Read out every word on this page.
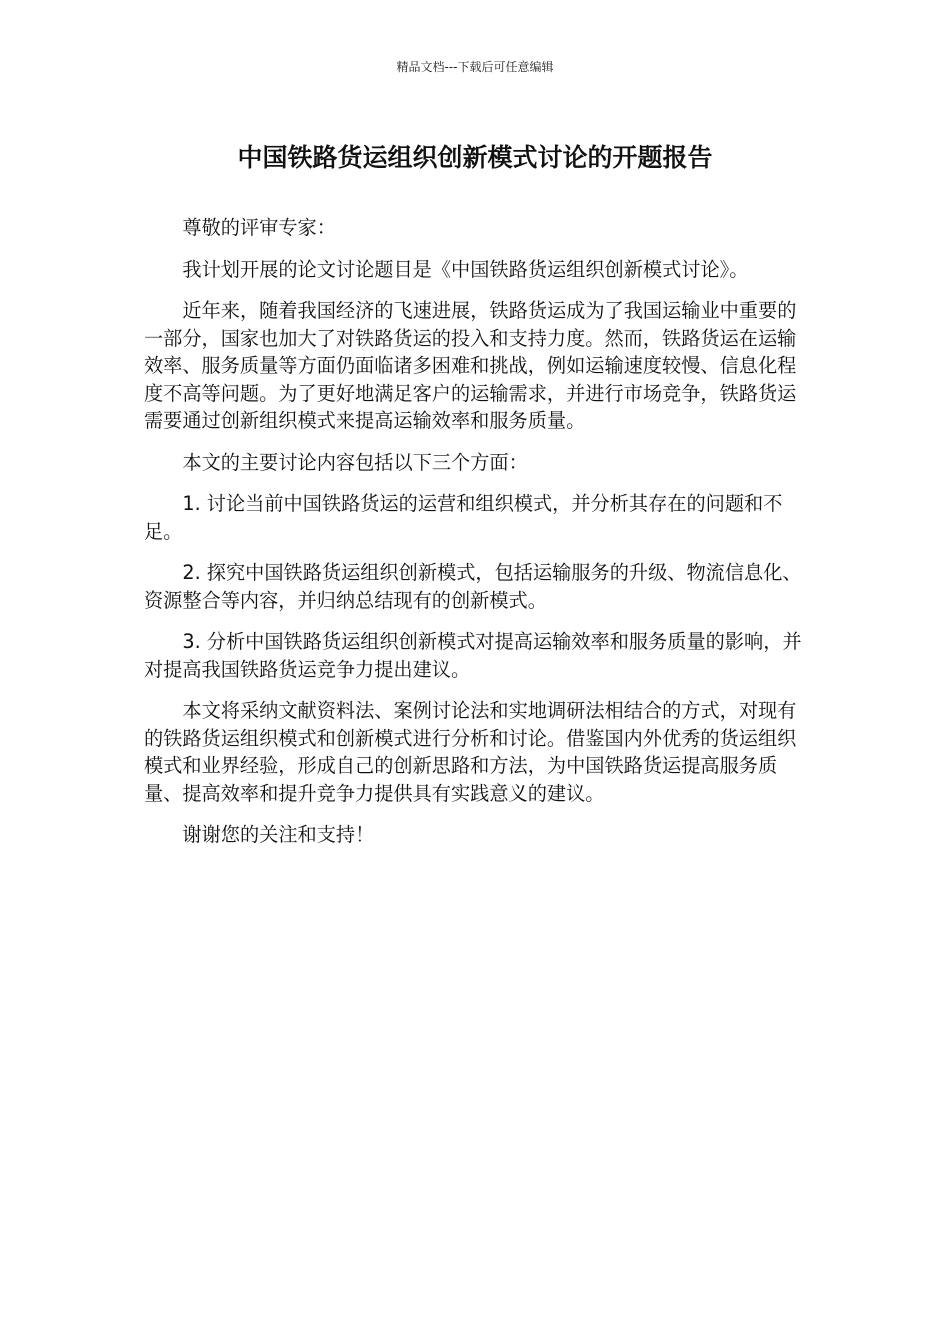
精品文档---下载后可任意编辑
中国铁路货运组织创新模式讨论的开题报告

尊敬的评审专家：

我计划开展的论文讨论题目是《中国铁路货运组织创新模式讨论》。

近年来，随着我国经济的飞速进展，铁路货运成为了我国运输业中重要的一部分，国家也加大了对铁路货运的投入和支持力度。然而，铁路货运在运输效率、服务质量等方面仍面临诸多困难和挑战，例如运输速度较慢、信息化程度不高等问题。为了更好地满足客户的运输需求，并进行市场竞争，铁路货运需要通过创新组织模式来提高运输效率和服务质量。

本文的主要讨论内容包括以下三个方面：

1. 讨论当前中国铁路货运的运营和组织模式，并分析其存在的问题和不足。

2. 探究中国铁路货运组织创新模式，包括运输服务的升级、物流信息化、资源整合等内容，并归纳总结现有的创新模式。

3. 分析中国铁路货运组织创新模式对提高运输效率和服务质量的影响，并对提高我国铁路货运竞争力提出建议。

本文将采纳文献资料法、案例讨论法和实地调研法相结合的方式，对现有的铁路货运组织模式和创新模式进行分析和讨论。借鉴国内外优秀的货运组织模式和业界经验，形成自己的创新思路和方法，为中国铁路货运提高服务质量、提高效率和提升竞争力提供具有实践意义的建议。

谢谢您的关注和支持！
